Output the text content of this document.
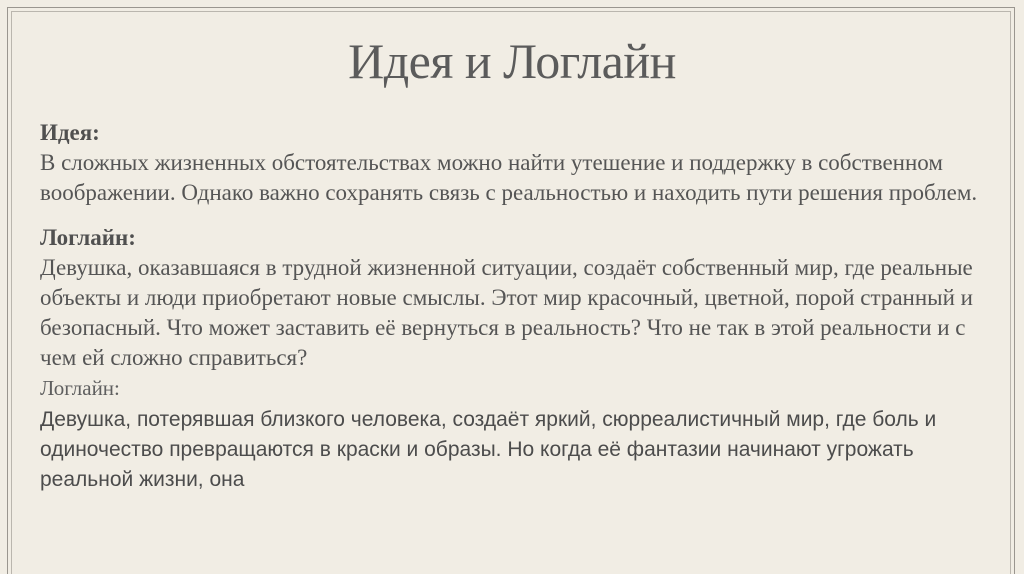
Идея и Логлайн
Идея:
В сложных жизненных обстоятельствах можно найти утешение и поддержку в собственном воображении. Однако важно сохранять связь с реальностью и находить пути решения проблем.
Логлайн:
Девушка, оказавшаяся в трудной жизненной ситуации, создаёт собственный мир, где реальные объекты и люди приобретают новые смыслы. Этот мир красочный, цветной, порой странный и безопасный. Что может заставить её вернуться в реальность? Что не так в этой реальности и с чем ей сложно справиться?
Логлайн:
Девушка, потерявшая близкого человека, создаёт яркий, сюрреалистичный мир, где боль и одиночество превращаются в краски и образы. Но когда её фантазии начинают угрожать реальной жизни, она
